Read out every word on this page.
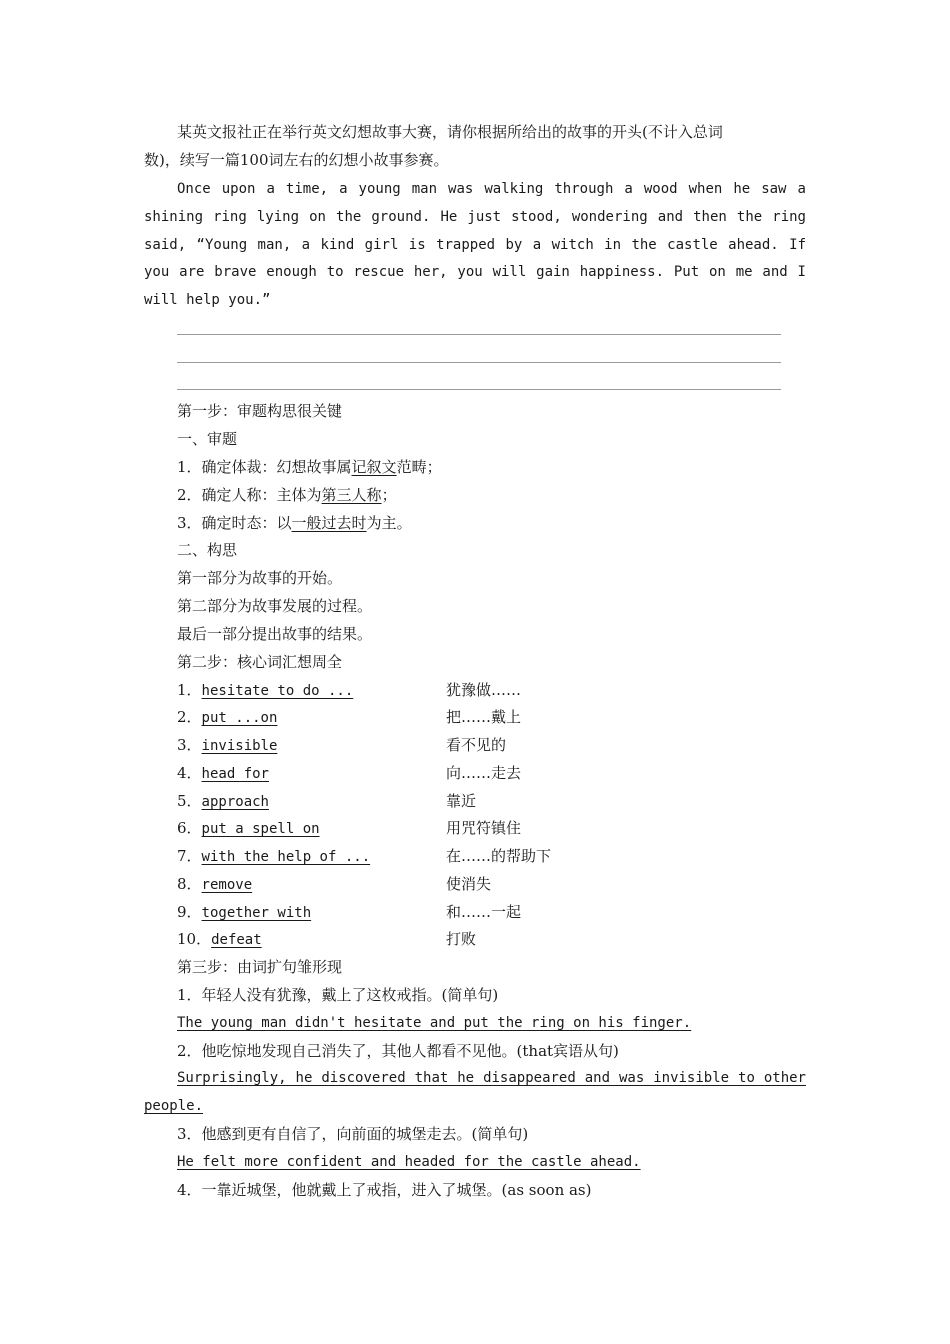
某英文报社正在举行英文幻想故事大赛，请你根据所给出的故事的开头(不计入总词
数)，续写一篇100词左右的幻想小故事参赛。
Once upon a time, a young man was walking through a wood when he saw a
shining ring lying on the ground. He just stood, wondering and then the ring
said, “Young man, a kind girl is trapped by a witch in the castle ahead. If
you are brave enough to rescue her, you will gain happiness. Put on me and I
will help you.”
第一步：审题构思很关键
一、审题
1．确定体裁：幻想故事属记叙文范畴；
2．确定人称：主体为第三人称；
3．确定时态：以一般过去时为主。
二、构思
第一部分为故事的开始。
第二部分为故事发展的过程。
最后一部分提出故事的结果。
第二步：核心词汇想周全
1．hesitate to do ...	犹豫做……
2．put ...on	把……戴上
3．invisible	看不见的
4．head for	向……走去
5．approach	靠近
6．put a spell on	用咒符镇住
7．with the help of ...	在……的帮助下
8．remove	使消失
9．together with	和……一起
10．defeat	打败
第三步：由词扩句雏形现
1．年轻人没有犹豫，戴上了这枚戒指。(简单句)
The young man didn't hesitate and put the ring on his finger.
2．他吃惊地发现自己消失了，其他人都看不见他。(that宾语从句)
Surprisingly, he discovered that he disappeared and was invisible to other
people.
3．他感到更有自信了，向前面的城堡走去。(简单句)
He felt more confident and headed for the castle ahead.
4．一靠近城堡，他就戴上了戒指，进入了城堡。(as soon as)
